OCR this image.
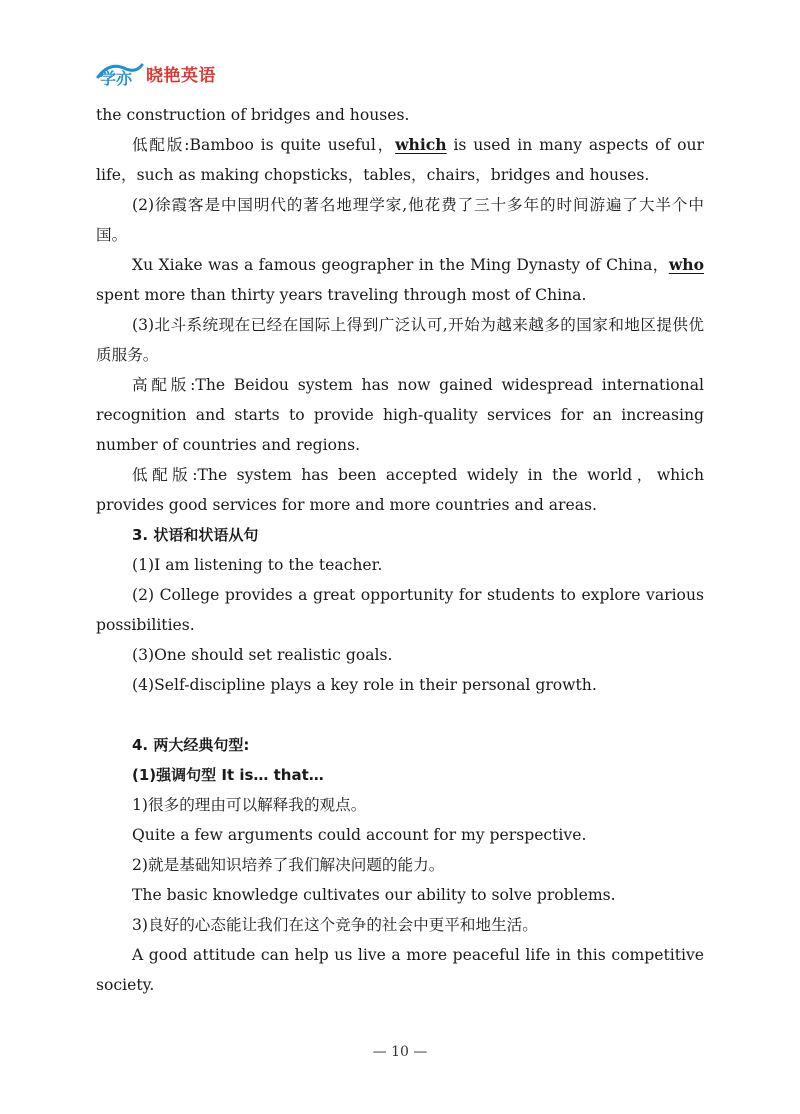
学亦 晓艳英语

the construction of bridges and houses.

低配版:Bamboo is quite useful，which is used in many aspects of our life，such as making chopsticks，tables，chairs，bridges and houses.

(2)徐霞客是中国明代的著名地理学家,他花费了三十多年的时间游遍了大半个中国。

Xu Xiake was a famous geographer in the Ming Dynasty of China，who spent more than thirty years traveling through most of China.

(3)北斗系统现在已经在国际上得到广泛认可,开始为越来越多的国家和地区提供优质服务。

高配版:The Beidou system has now gained widespread international recognition and starts to provide high-quality services for an increasing number of countries and regions.

低配版:The system has been accepted widely in the world，which provides good services for more and more countries and areas.

3. 状语和状语从句

(1)I am listening to the teacher.

(2) College provides a great opportunity for students to explore various possibilities.

(3)One should set realistic goals.

(4)Self-discipline plays a key role in their personal growth.

4. 两大经典句型:

(1)强调句型 It is… that…

1)很多的理由可以解释我的观点。

Quite a few arguments could account for my perspective.

2)就是基础知识培养了我们解决问题的能力。

The basic knowledge cultivates our ability to solve problems.

3)良好的心态能让我们在这个竞争的社会中更平和地生活。

A good attitude can help us live a more peaceful life in this competitive society.

— 10 —
